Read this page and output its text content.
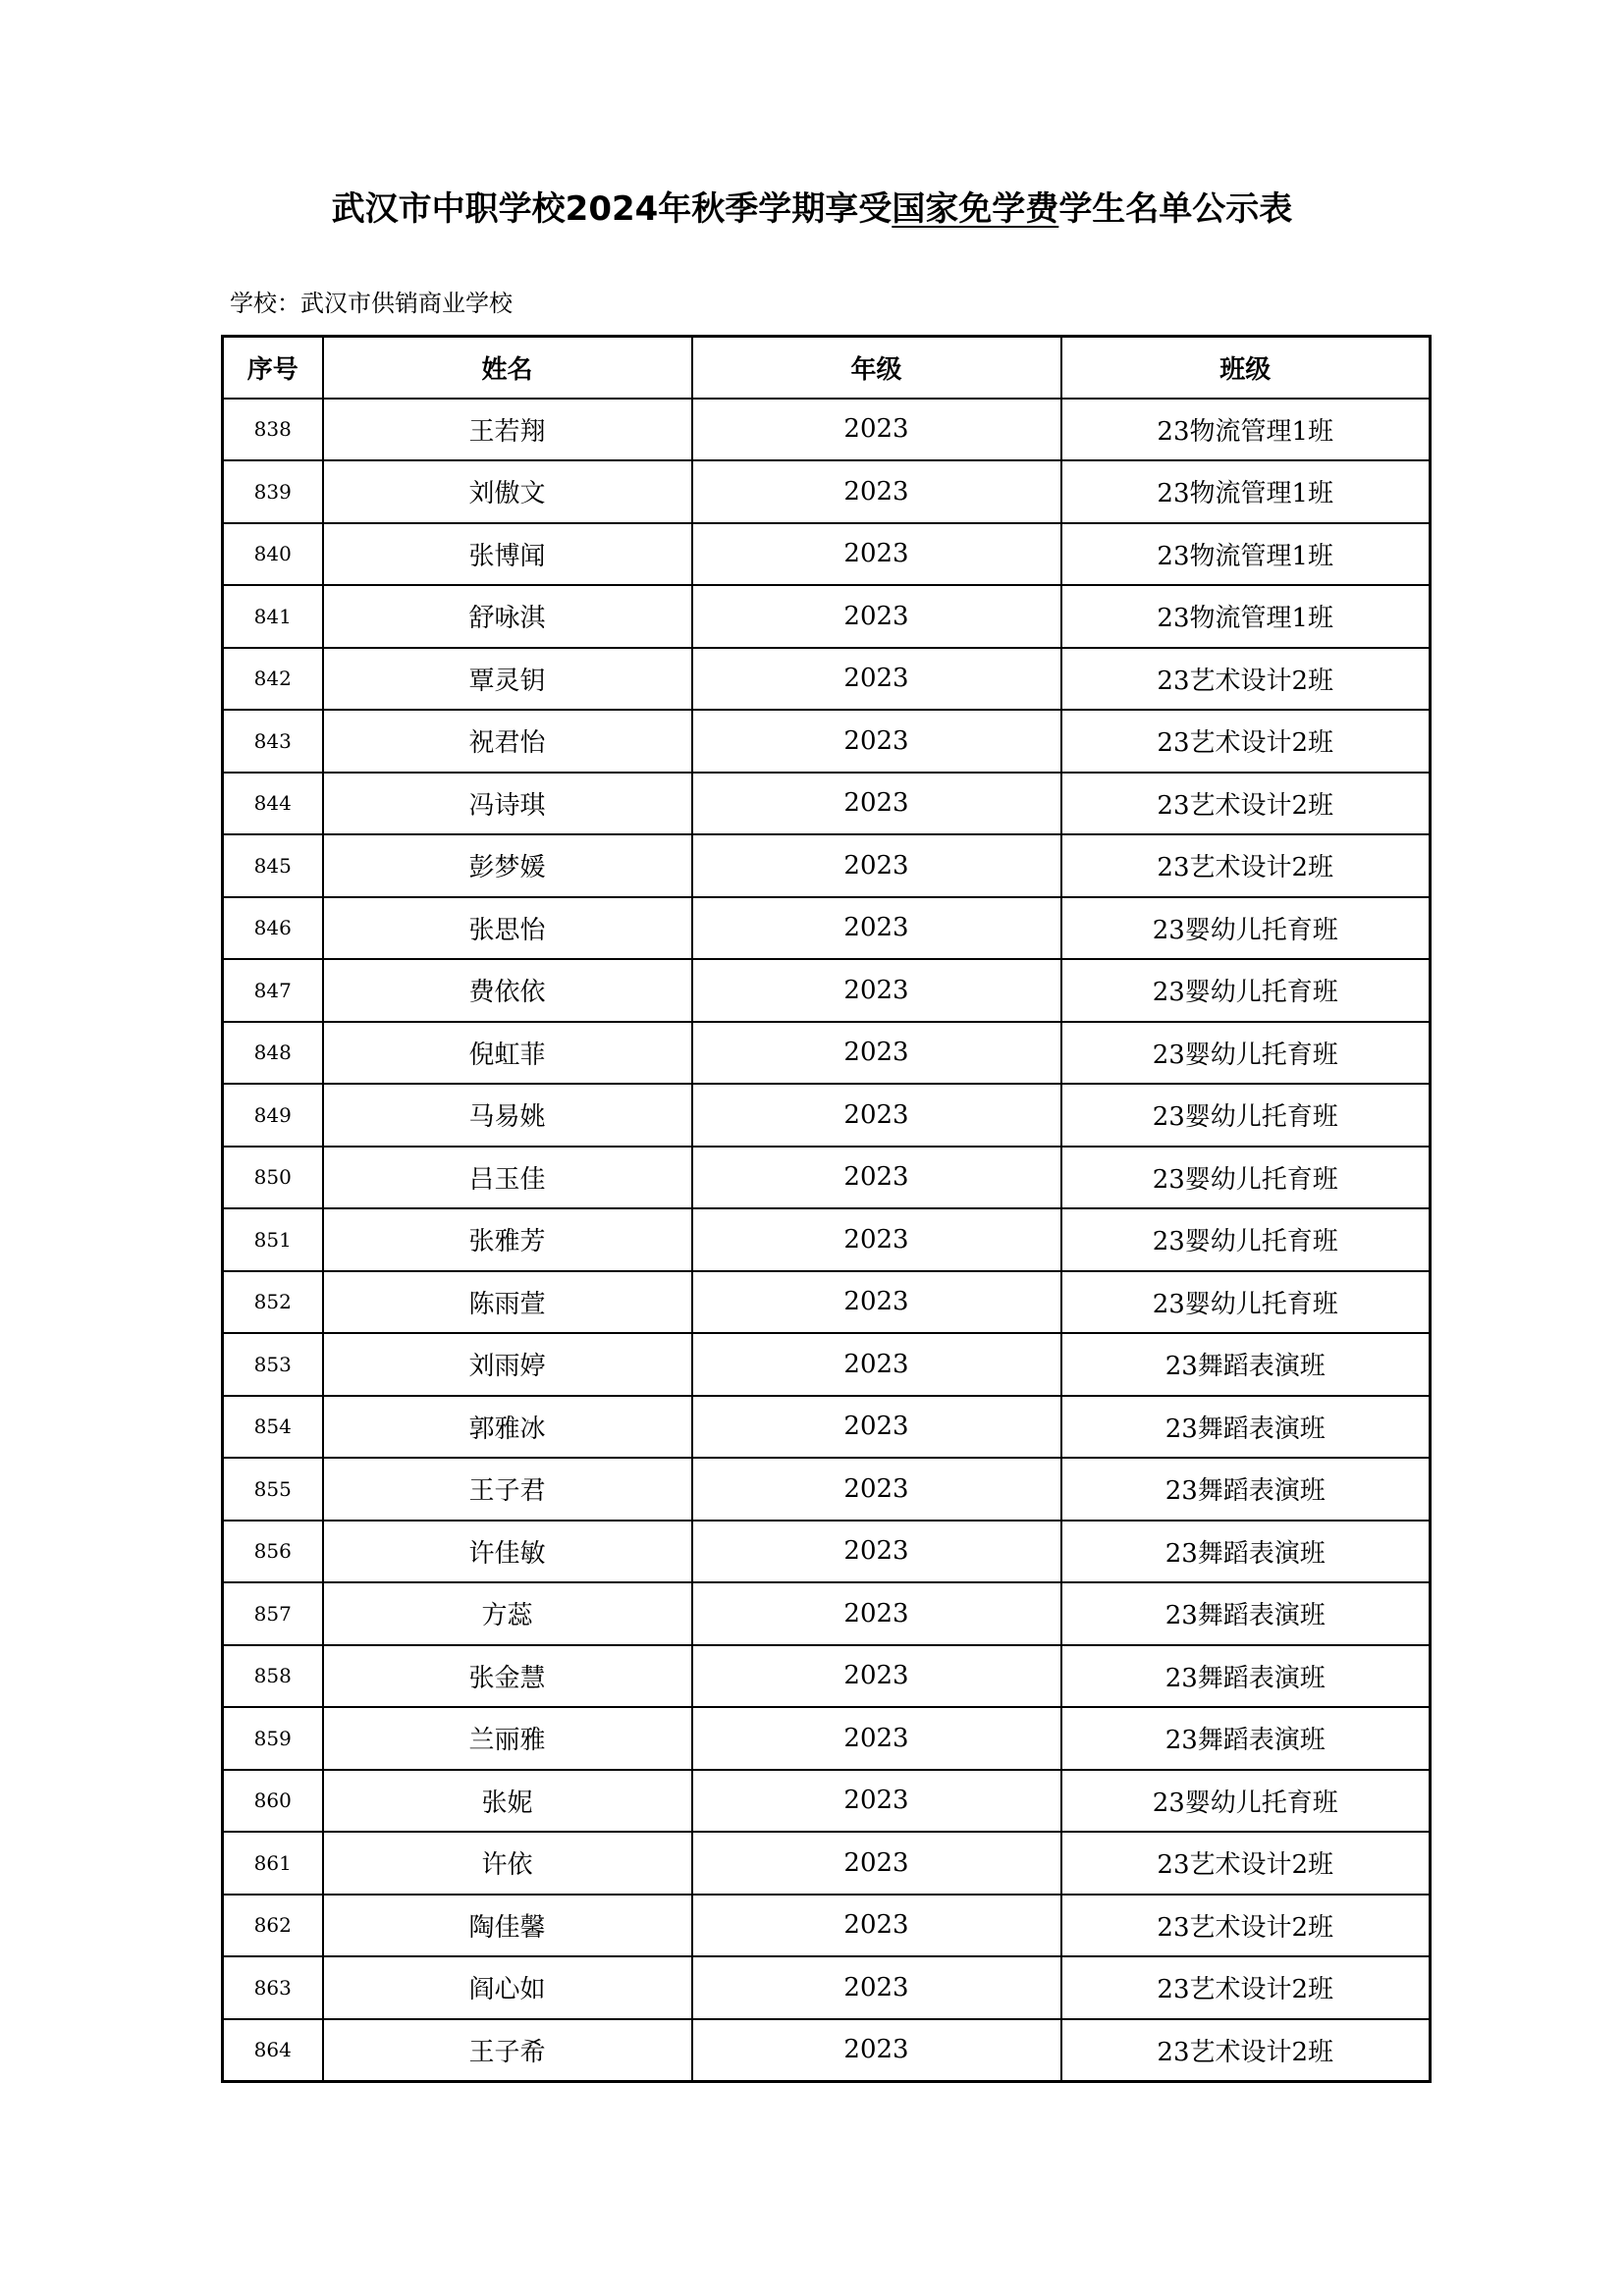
武汉市中职学校2024年秋季学期享受国家免学费学生名单公示表
学校：武汉市供销商业学校
序号	姓名	年级	班级
838	王若翔	2023	23物流管理1班
839	刘傲文	2023	23物流管理1班
840	张博闻	2023	23物流管理1班
841	舒咏淇	2023	23物流管理1班
842	覃灵钥	2023	23艺术设计2班
843	祝君怡	2023	23艺术设计2班
844	冯诗琪	2023	23艺术设计2班
845	彭梦媛	2023	23艺术设计2班
846	张思怡	2023	23婴幼儿托育班
847	费依依	2023	23婴幼儿托育班
848	倪虹菲	2023	23婴幼儿托育班
849	马易姚	2023	23婴幼儿托育班
850	吕玉佳	2023	23婴幼儿托育班
851	张雅芳	2023	23婴幼儿托育班
852	陈雨萱	2023	23婴幼儿托育班
853	刘雨婷	2023	23舞蹈表演班
854	郭雅冰	2023	23舞蹈表演班
855	王子君	2023	23舞蹈表演班
856	许佳敏	2023	23舞蹈表演班
857	方蕊	2023	23舞蹈表演班
858	张金慧	2023	23舞蹈表演班
859	兰丽雅	2023	23舞蹈表演班
860	张妮	2023	23婴幼儿托育班
861	许依	2023	23艺术设计2班
862	陶佳馨	2023	23艺术设计2班
863	阎心如	2023	23艺术设计2班
864	王子希	2023	23艺术设计2班
